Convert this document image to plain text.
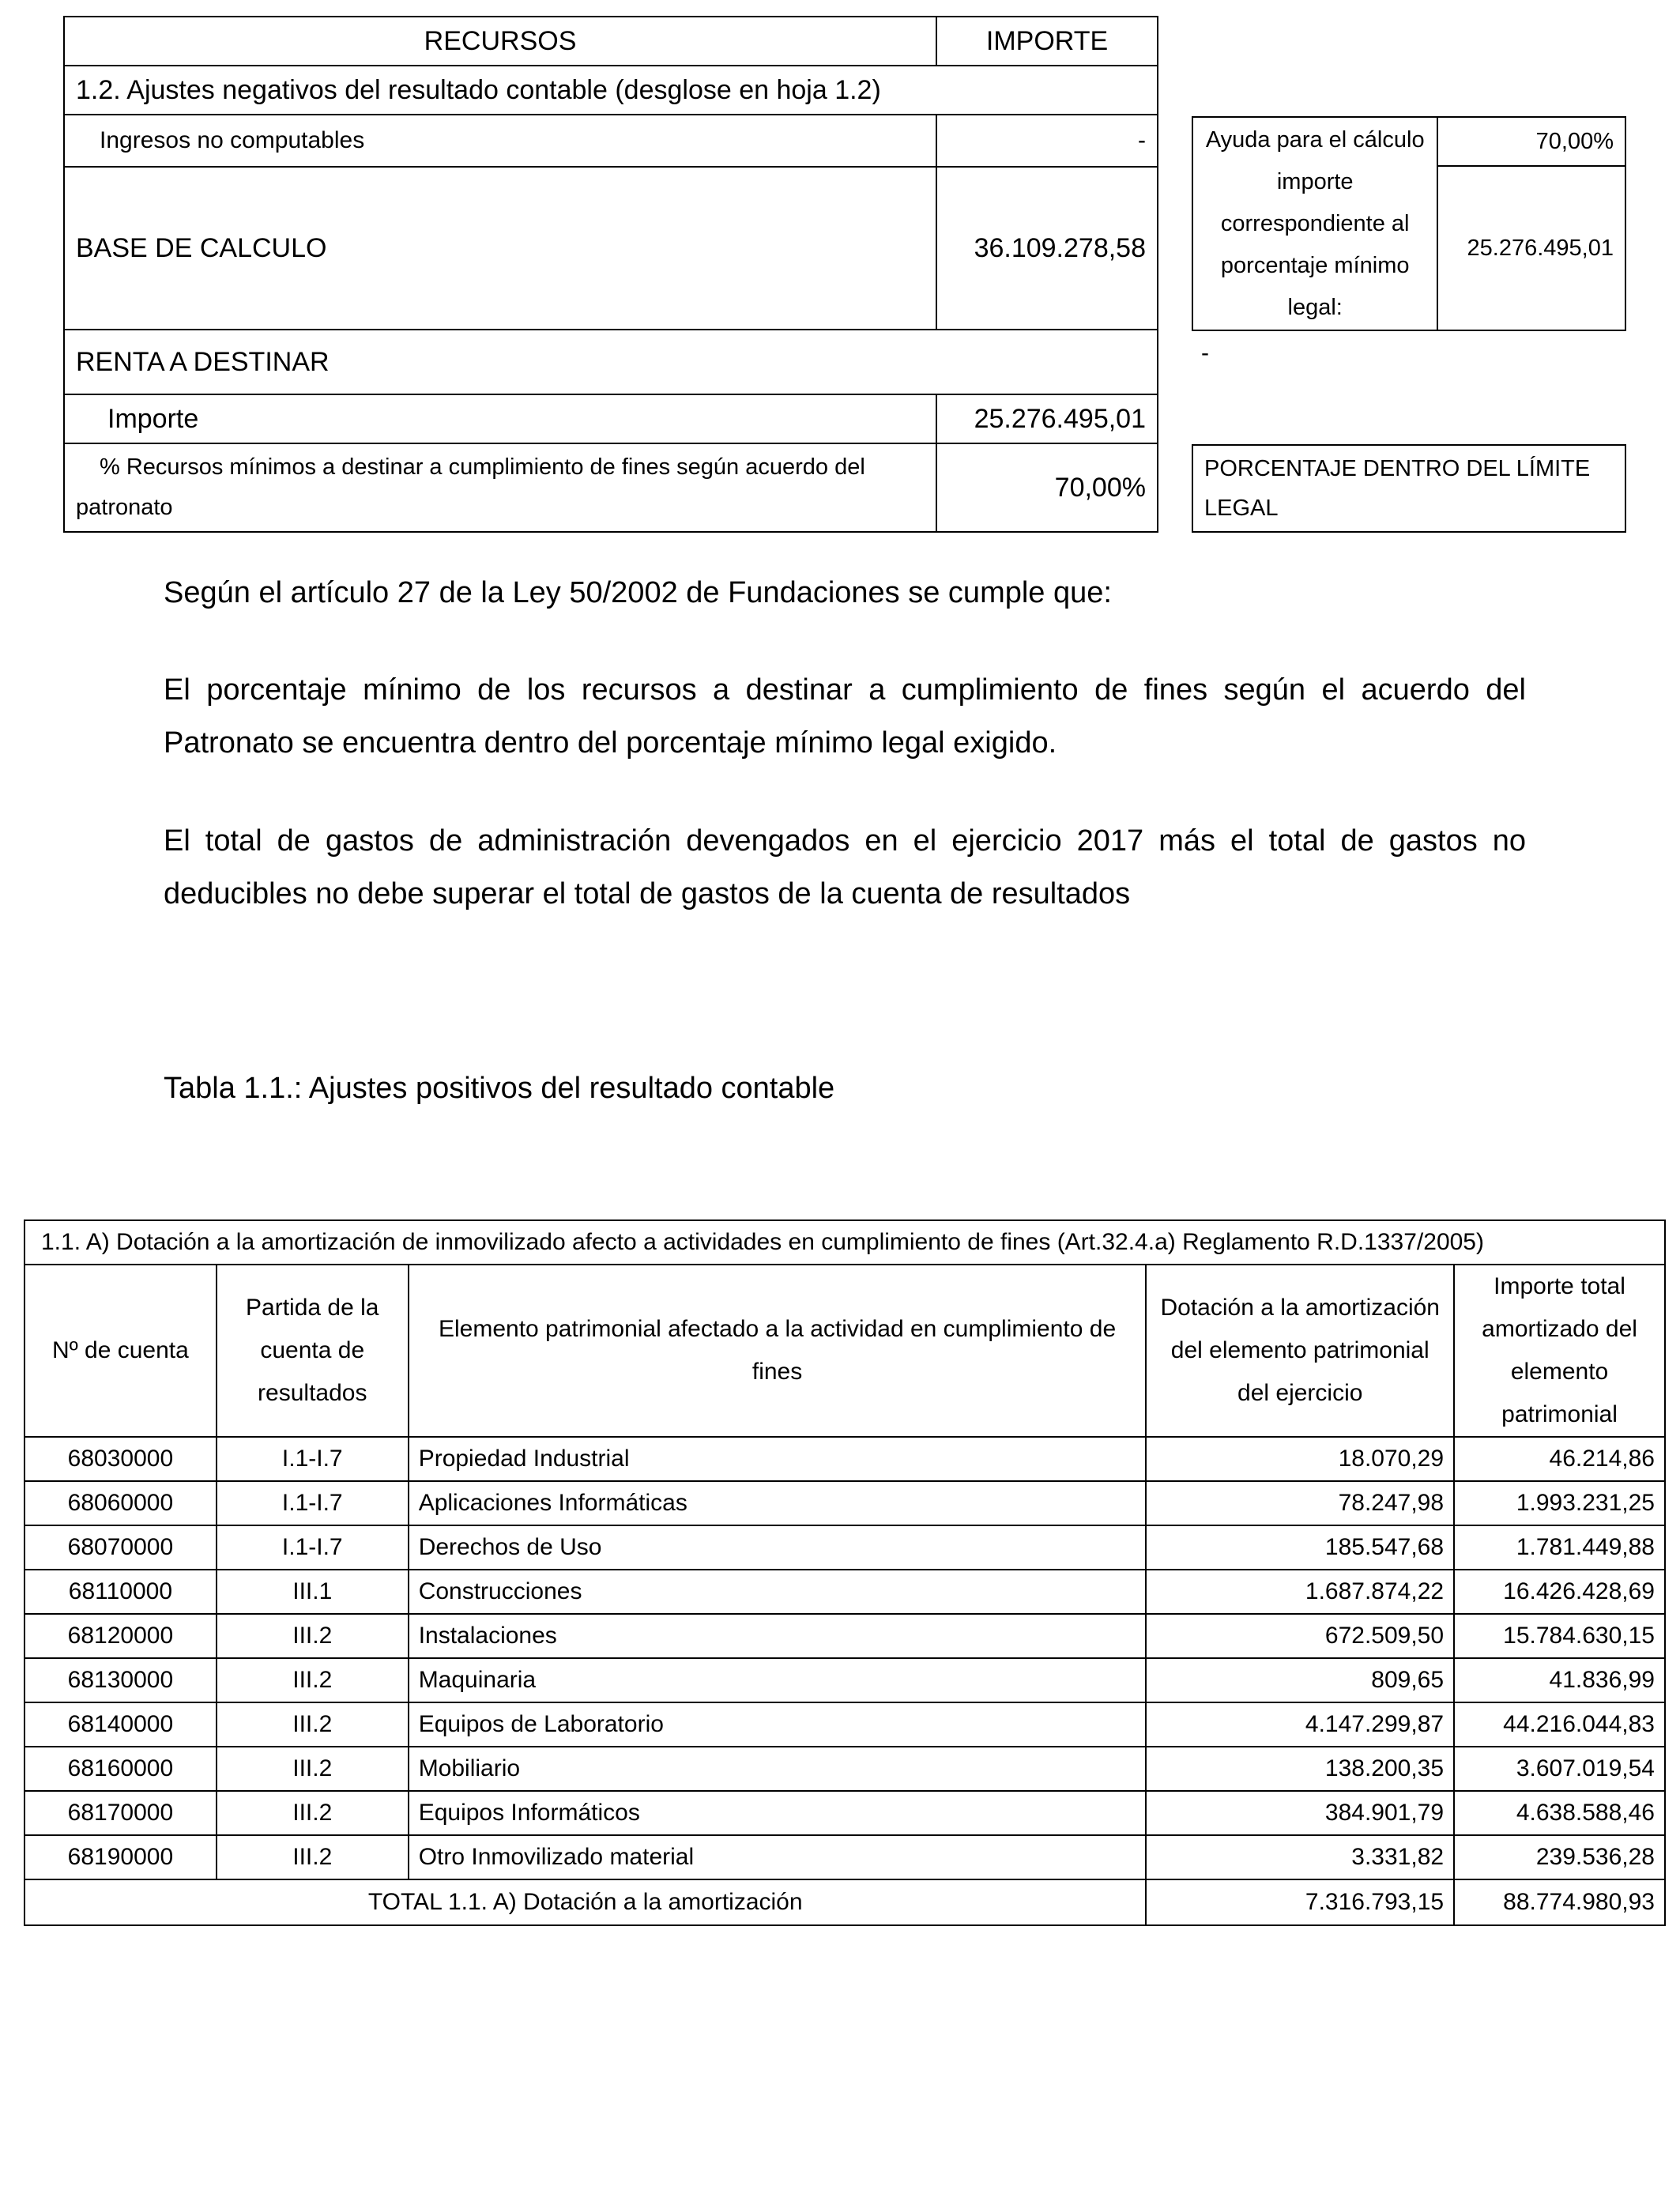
RECURSOS	IMPORTE
1.2. Ajustes negativos del resultado contable (desglose en hoja 1.2)	
Ingresos no computables	-
BASE DE CALCULO	36.109.278,58
RENTA A DESTINAR	
Importe	25.276.495,01
% Recursos mínimos a destinar a cumplimiento de fines según acuerdo del patronato	70,00%
Ayuda para el cálculo importe correspondiente al porcentaje mínimo legal:	70,00%
25.276.495,01
-
PORCENTAJE DENTRO DEL LÍMITE LEGAL
Según el artículo 27 de la Ley 50/2002 de Fundaciones se cumple que:
El porcentaje mínimo de los recursos a destinar a cumplimiento de fines según el acuerdo del Patronato se encuentra dentro del porcentaje mínimo legal exigido.
El total de gastos de administración devengados en el ejercicio 2017 más el total de gastos no deducibles no debe superar el total de gastos de la cuenta de resultados
Tabla 1.1.: Ajustes positivos del resultado contable
1.1. A) Dotación a la amortización de inmovilizado afecto a actividades en cumplimiento de fines (Art.32.4.a) Reglamento R.D.1337/2005)				
Nº de cuenta	Partida de la cuenta de resultados	Elemento patrimonial afectado a la actividad en cumplimiento de fines	Dotación a la amortización del elemento patrimonial del ejercicio	Importe total amortizado del elemento patrimonial
68030000	I.1-I.7	Propiedad Industrial	18.070,29	46.214,86
68060000	I.1-I.7	Aplicaciones Informáticas	78.247,98	1.993.231,25
68070000	I.1-I.7	Derechos de Uso	185.547,68	1.781.449,88
68110000	III.1	Construcciones	1.687.874,22	16.426.428,69
68120000	III.2	Instalaciones	672.509,50	15.784.630,15
68130000	III.2	Maquinaria	809,65	41.836,99
68140000	III.2	Equipos de Laboratorio	4.147.299,87	44.216.044,83
68160000	III.2	Mobiliario	138.200,35	3.607.019,54
68170000	III.2	Equipos Informáticos	384.901,79	4.638.588,46
68190000	III.2	Otro Inmovilizado material	3.331,82	239.536,28
TOTAL 1.1. A) Dotación a la amortización			7.316.793,15	88.774.980,93
